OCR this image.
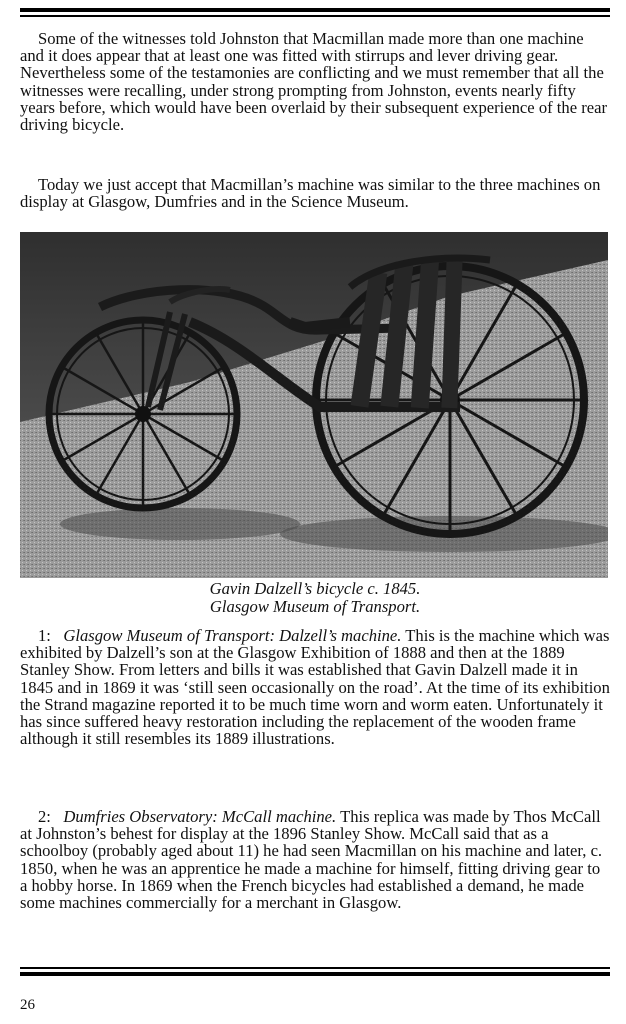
Some of the witnesses told Johnston that Macmillan made more than one machine and it does appear that at least one was fitted with stirrups and lever driving gear. Nevertheless some of the testamonies are conflicting and we must remember that all the witnesses were recalling, under strong prompting from Johnston, events nearly fifty years before, which would have been overlaid by their subsequent experience of the rear driving bicycle.

Today we just accept that Macmillan’s machine was similar to the three machines on display at Glasgow, Dumfries and in the Science Museum.

Gavin Dalzell’s bicycle c. 1845.
Glasgow Museum of Transport.

1: Glasgow Museum of Transport: Dalzell’s machine. This is the machine which was exhibited by Dalzell’s son at the Glasgow Exhibition of 1888 and then at the 1889 Stanley Show. From letters and bills it was established that Gavin Dalzell made it in 1845 and in 1869 it was ‘still seen occasionally on the road’. At the time of its exhibition the Strand magazine reported it to be much time worn and worm eaten. Unfortunately it has since suffered heavy restoration including the replacement of the wooden frame although it still resembles its 1889 illustrations.

2: Dumfries Observatory: McCall machine. This replica was made by Thos McCall at Johnston’s behest for display at the 1896 Stanley Show. McCall said that as a schoolboy (probably aged about 11) he had seen Macmillan on his machine and later, c. 1850, when he was an apprentice he made a machine for himself, fitting driving gear to a hobby horse. In 1869 when the French bicycles had established a demand, he made some machines commercially for a merchant in Glasgow.

26
